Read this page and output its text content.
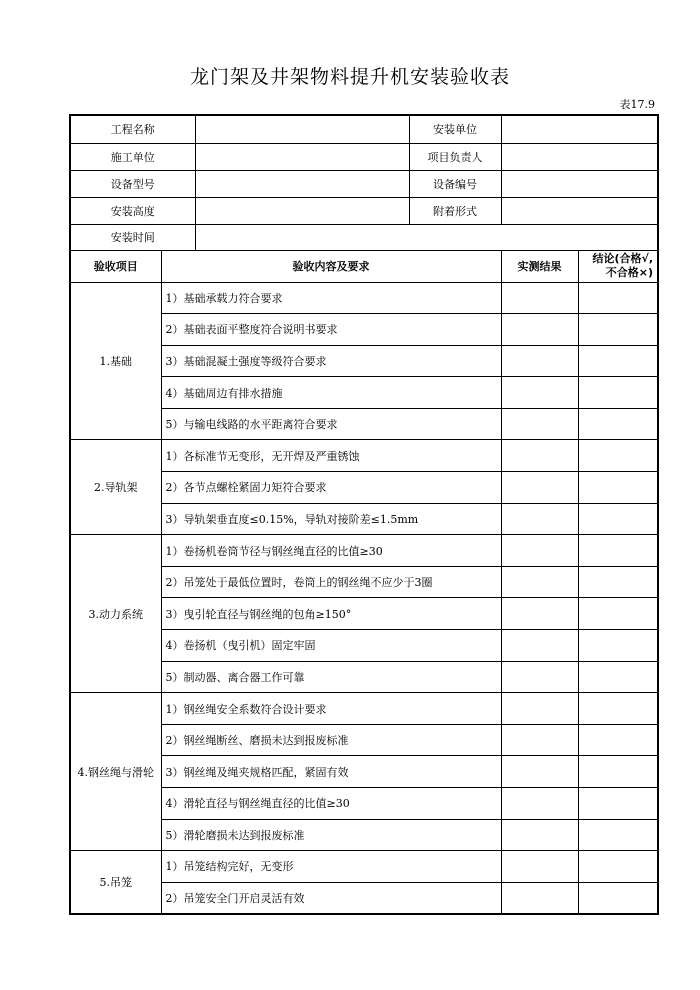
龙门架及井架物料提升机安装验收表
表17.9
工程名称			安装单位		
施工单位			项目负责人		
设备型号			设备编号		
安装高度			附着形式		
安装时间					
验收项目	验收内容及要求			实测结果	结论(合格√,
不合格×)
1.基础	1）基础承载力符合要求				
	2）基础表面平整度符合说明书要求				
	3）基础混凝土强度等级符合要求				
	4）基础周边有排水措施				
	5）与输电线路的水平距离符合要求				
2.导轨架	1）各标准节无变形，无开焊及严重锈蚀				
	2）各节点螺栓紧固力矩符合要求				
	3）导轨架垂直度≤0.15%，导轨对接阶差≤1.5mm				
3.动力系统	1）卷扬机卷筒节径与钢丝绳直径的比值≥30				
	2）吊笼处于最低位置时，卷筒上的钢丝绳不应少于3圈				
	3）曳引轮直径与钢丝绳的包角≥150°				
	4）卷扬机（曳引机）固定牢固				
	5）制动器、离合器工作可靠				
4.钢丝绳与滑轮	1）钢丝绳安全系数符合设计要求				
	2）钢丝绳断丝、磨损未达到报废标准				
	3）钢丝绳及绳夹规格匹配，紧固有效				
	4）滑轮直径与钢丝绳直径的比值≥30				
	5）滑轮磨损未达到报废标准				
5.吊笼	1）吊笼结构完好，无变形				
	2）吊笼安全门开启灵活有效				
